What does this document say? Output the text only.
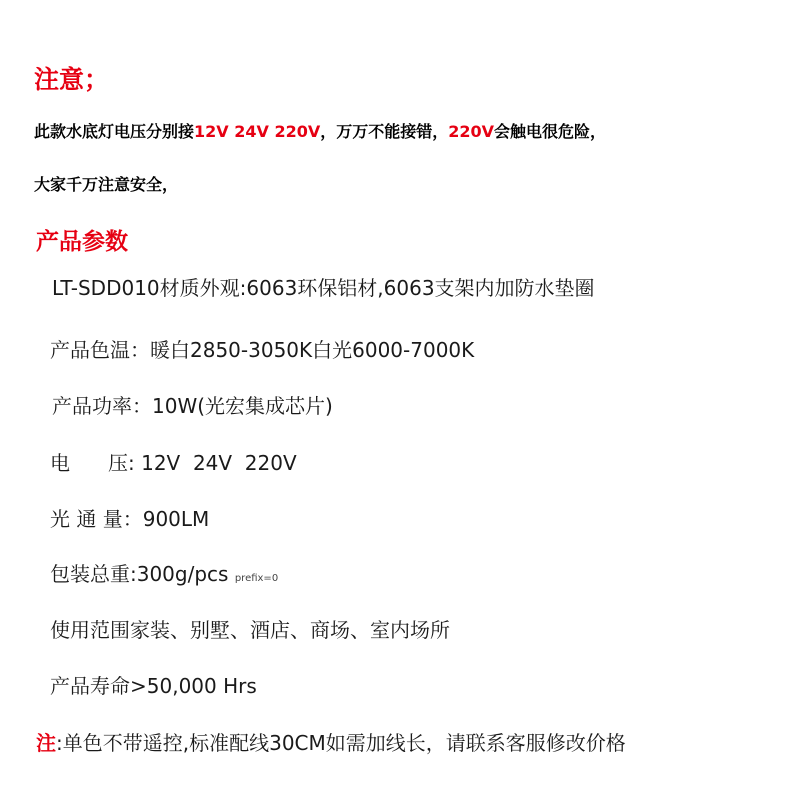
注意；
此款水底灯电压分别接12V 24V 220V，万万不能接错，220V会触电很危险，
大家千万注意安全，
产品参数
LT-SDD010材质外观:6063环保铝材,6063支架内加防水垫圈
产品色温：暖白2850-3050K白光6000-7000K
产品功率：10W(光宏集成芯片)
电 压: 12V  24V  220V
光 通 量：900LM
包装总重:300g/pcs prefix=0
使用范围家装、别墅、酒店、商场、室内场所
产品寿命>50,000 Hrs
注:单色不带遥控,标准配线30CM如需加线长，请联系客服修改价格
